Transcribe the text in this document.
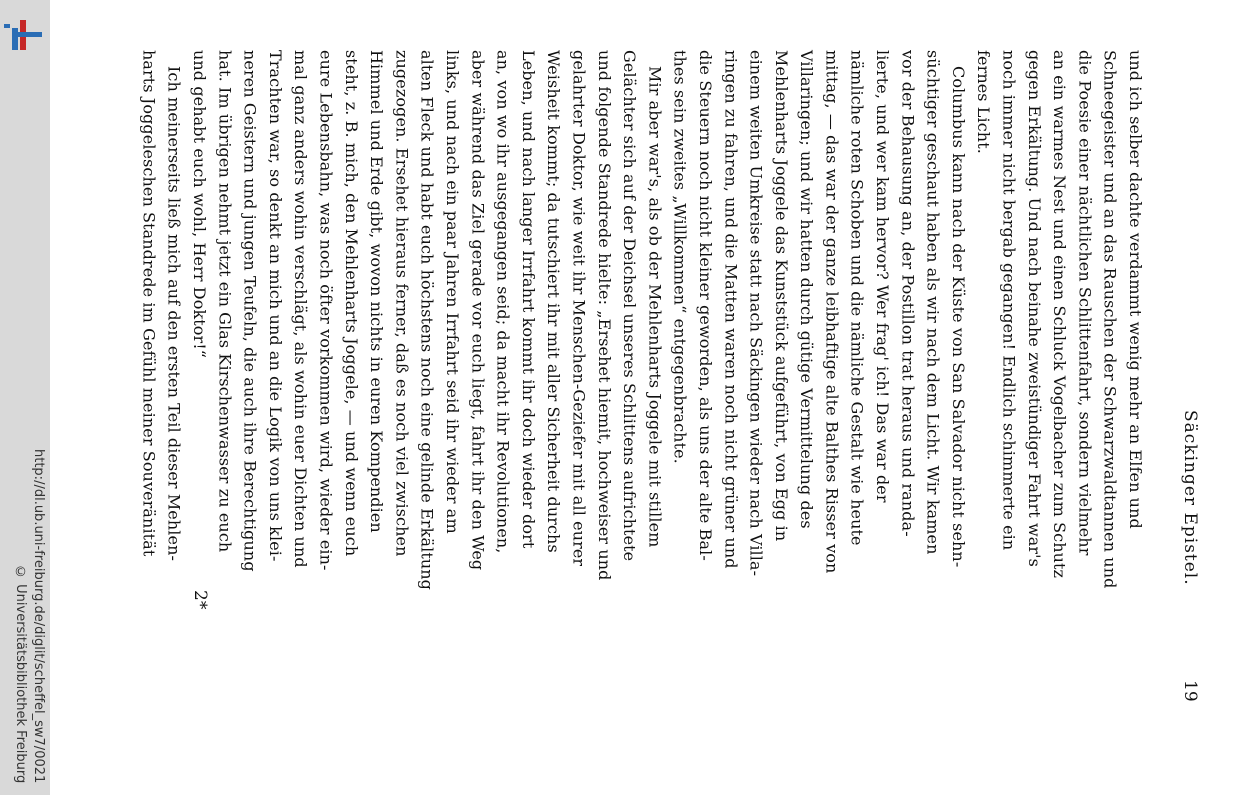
http://dl.ub.uni-freiburg.de/diglit/scheffel_sw7/0021
© Universitätsbibliothek Freiburg
Säckinger Epistel.
19

und ich selber dachte verdammt wenig mehr an Elfen und
Schneegeister und an das Rauschen der Schwarzwaldtannen und
die Poesie einer nächtlichen Schlittenfahrt, sondern vielmehr
an ein warmes Nest und einen Schluck Vogelbacher zum Schutz
gegen Erkältung. Und nach beinahe zweistündiger Fahrt war's
noch immer nicht bergab gegangen! Endlich schimmerte ein
fernes Licht.
Columbus kann nach der Küste von San Salvador nicht sehn-
süchtiger geschaut haben als wir nach dem Licht. Wir kamen
vor der Behausung an, der Postillon trat heraus und randa-
lierte, und wer kam hervor? Wer frag' ich! Das war der
nämliche roten Schoben und die nämliche Gestalt wie heute
mittag, — das war der ganze leibhaftige alte Balthes Risser von
Villaringen; und wir hatten durch gütige Vermittelung des
Mehlenharts Joggele das Kunststück aufgeführt, von Egg in
einem weiten Umkreise statt nach Säckingen wieder nach Villa-
ringen zu fahren, und die Matten waren noch nicht grüner und
die Steuern noch nicht kleiner geworden, als uns der alte Bal-
thes sein zweites „Willkommen“ entgegenbrachte.
Mir aber war's, als ob der Mehlenharts Joggele mit stillem
Gelächter sich auf der Deichsel unseres Schlittens aufrichtete
und folgende Standrede hielte: „Ersehet hiemit, hochweiser und
gelahrter Doktor, wie weit ihr Menschen-Geziefer mit all eurer
Weisheit kommt; da tutschiert ihr mit aller Sicherheit durchs
Leben, und nach langer Irrfahrt kommt ihr doch wieder dort
an, von wo ihr ausgegangen seid; da macht ihr Revolutionen,
aber während das Ziel gerade vor euch liegt, fahrt ihr den Weg
links, und nach ein paar Jahren Irrfahrt seid ihr wieder am
alten Fleck und habt euch höchstens noch eine gelinde Erkältung
zugezogen. Ersehet hieraus ferner, daß es noch viel zwischen
Himmel und Erde gibt, wovon nichts in euren Kompendien
steht, z. B. mich, den Mehlenharts Joggele, — und wenn euch
eure Lebensbahn, was noch öfter vorkommen wird, wieder ein-
mal ganz anders wohin verschlägt, als wohin euer Dichten und
Trachten war, so denkt an mich und an die Logik von uns klei-
neren Geistern und jungen Teufeln, die auch ihre Berechtigung
hat. Im übrigen nehmt jetzt ein Glas Kirschenwasser zu euch
und gehabt euch wohl, Herr Doktor!“
Ich meinerseits ließ mich auf den ersten Teil dieser Mehlen-
harts Joggeleschen Standrede im Gefühl meiner Souveränität

2*
